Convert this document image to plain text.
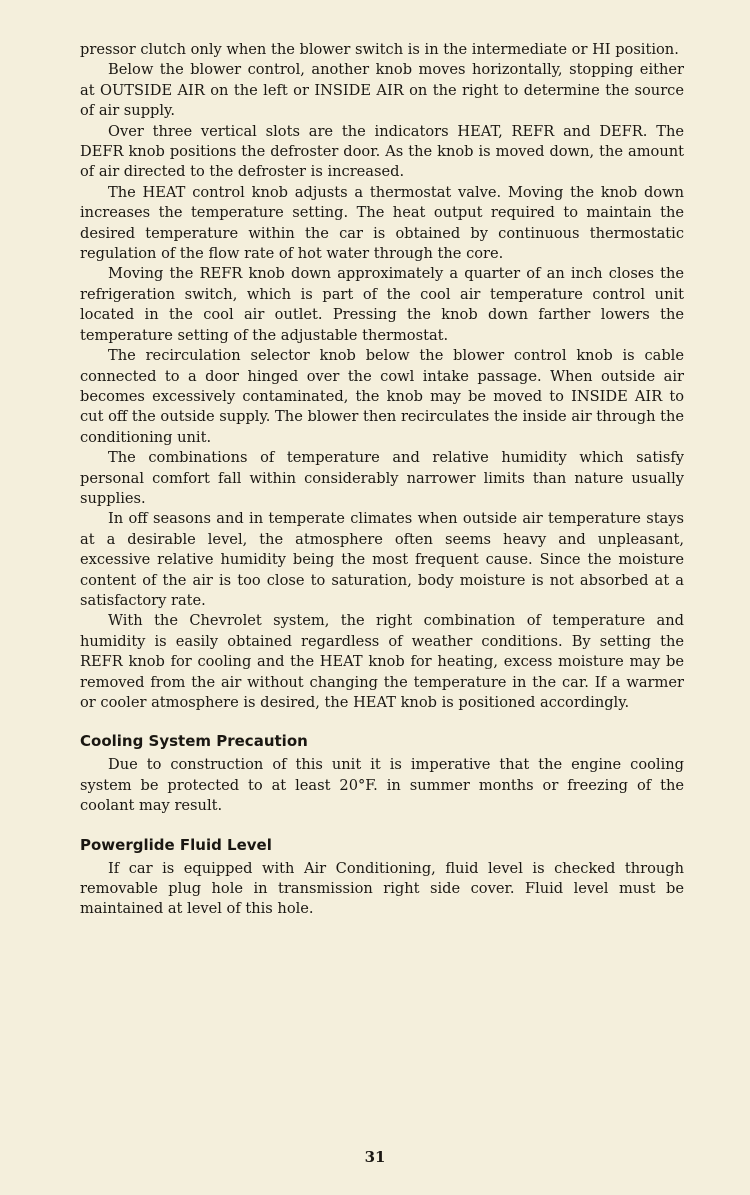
pressor clutch only when the blower switch is in the intermediate or HI position.

Below the blower control, another knob moves horizontally, stopping either at OUTSIDE AIR on the left or INSIDE AIR on the right to determine the source of air supply.

Over three vertical slots are the indicators HEAT, REFR and DEFR. The DEFR knob positions the defroster door. As the knob is moved down, the amount of air directed to the defroster is increased.

The HEAT control knob adjusts a thermostat valve. Moving the knob down increases the temperature setting. The heat output required to maintain the desired temperature within the car is obtained by continuous thermostatic regulation of the flow rate of hot water through the core.

Moving the REFR knob down approximately a quarter of an inch closes the refrigeration switch, which is part of the cool air temperature control unit located in the cool air outlet. Pressing the knob down farther lowers the temperature setting of the adjustable thermostat.

The recirculation selector knob below the blower control knob is cable connected to a door hinged over the cowl intake passage. When outside air becomes excessively contaminated, the knob may be moved to INSIDE AIR to cut off the outside supply. The blower then recirculates the inside air through the conditioning unit.

The combinations of temperature and relative humidity which satisfy personal comfort fall within considerably narrower limits than nature usually supplies.

In off seasons and in temperate climates when outside air temperature stays at a desirable level, the atmosphere often seems heavy and unpleasant, excessive relative humidity being the most frequent cause. Since the moisture content of the air is too close to saturation, body moisture is not absorbed at a satisfactory rate.

With the Chevrolet system, the right combination of temperature and humidity is easily obtained regardless of weather conditions. By setting the REFR knob for cooling and the HEAT knob for heating, excess moisture may be removed from the air without changing the temperature in the car. If a warmer or cooler atmosphere is desired, the HEAT knob is positioned accordingly.

Cooling System Precaution

Due to construction of this unit it is imperative that the engine cooling system be protected to at least 20°F. in summer months or freezing of the coolant may result.

Powerglide Fluid Level

If car is equipped with Air Conditioning, fluid level is checked through removable plug hole in transmission right side cover. Fluid level must be maintained at level of this hole.

31
